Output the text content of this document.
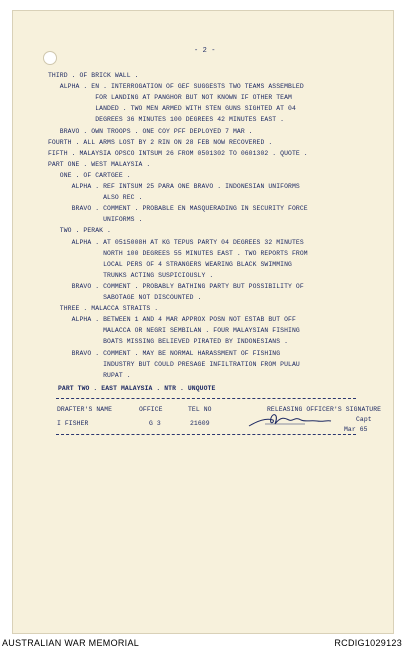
- 2 -
THIRD . OF BRICK WALL .
ALPHA . EN . INTERROGATION OF GEF SUGGESTS TWO TEAMS ASSEMBLED
FOR LANDING AT PANGHOR BUT NOT KNOWN IF OTHER TEAM
LANDED . TWO MEN ARMED WITH STEN GUNS SIGHTED AT 04
DEGREES 36 MINUTES 100 DEGREES 42 MINUTES EAST .
BRAVO . OWN TROOPS . ONE COY PFF DEPLOYED 7 MAR .
FOURTH . ALL ARMS LOST BY 2 RIN ON 28 FEB NOW RECOVERED .
FIFTH . MALAYSIA OPSCO INTSUM 26 FROM 0501302 TO 0601302 . QUOTE .
PART ONE . WEST MALAYSIA .
ONE . OF CARTGEE .
ALPHA . REF INTSUM 25 PARA ONE BRAVO . INDONESIAN UNIFORMS
ALSO REC .
BRAVO . COMMENT . PROBABLE EN MASQUERADING IN SECURITY FORCE
UNIFORMS .
TWO . PERAK .
ALPHA . AT 0515008H AT KG TEPUS PARTY 04 DEGREES 32 MINUTES
NORTH 100 DEGREES 55 MINUTES EAST . TWO REPORTS FROM
LOCAL PERS OF 4 STRANGERS WEARING BLACK SWIMMING
TRUNKS ACTING SUSPICIOUSLY .
BRAVO . COMMENT . PROBABLY BATHING PARTY BUT POSSIBILITY OF
SABOTAGE NOT DISCOUNTED .
THREE . MALACCA STRAITS .
ALPHA . BETWEEN 1 AND 4 MAR APPROX POSN NOT ESTAB BUT OFF
MALACCA OR NEGRI SEMBILAN . FOUR MALAYSIAN FISHING
BOATS MISSING BELIEVED PIRATED BY INDONESIANS .
BRAVO . COMMENT . MAY BE NORMAL HARASSMENT OF FISHING
INDUSTRY BUT COULD PRESAGE INFILTRATION FROM PULAU
RUPAT .
PART TWO . EAST MALAYSIA . NTR . UNQUOTE
DRAFTER'S NAME	OFFICE	TEL NO	RELEASING OFFICER'S SIGNATURE
I FISHER	G 3	21609
Capt
Mar 65
AUSTRALIAN WAR MEMORIAL	RCDIG1029123
